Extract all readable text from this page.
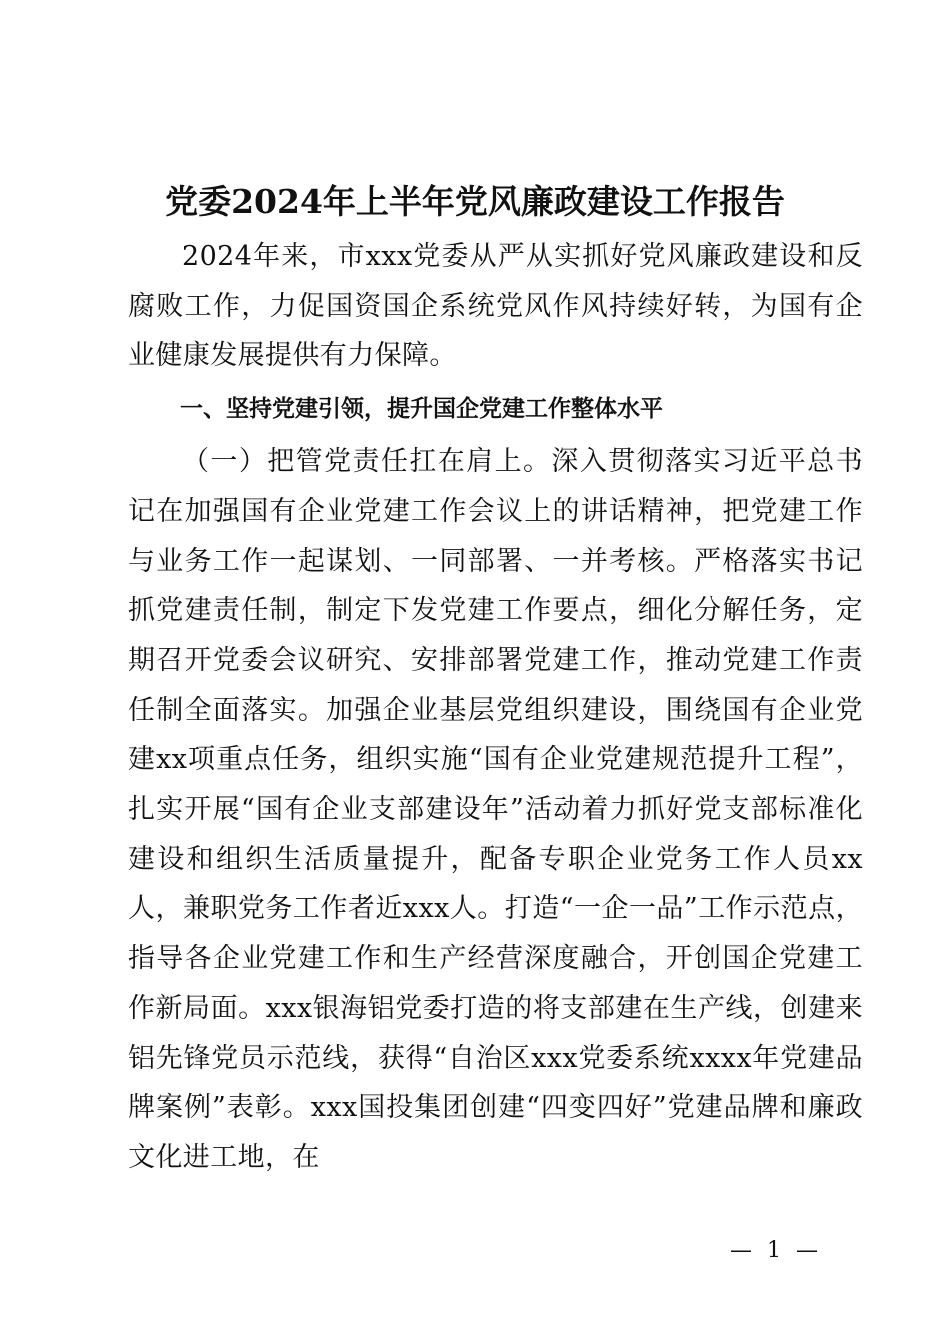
党委2024年上半年党风廉政建设工作报告

2024年来，市xxx党委从严从实抓好党风廉政建设和反腐败工作，力促国资国企系统党风作风持续好转，为国有企业健康发展提供有力保障。

一、坚持党建引领，提升国企党建工作整体水平

（一）把管党责任扛在肩上。深入贯彻落实习近平总书记在加强国有企业党建工作会议上的讲话精神，把党建工作与业务工作一起谋划、一同部署、一并考核。严格落实书记抓党建责任制，制定下发党建工作要点，细化分解任务，定期召开党委会议研究、安排部署党建工作，推动党建工作责任制全面落实。加强企业基层党组织建设，围绕国有企业党建xx项重点任务，组织实施“国有企业党建规范提升工程”，扎实开展“国有企业支部建设年”活动着力抓好党支部标准化建设和组织生活质量提升，配备专职企业党务工作人员xx人，兼职党务工作者近xxx人。打造“一企一品”工作示范点，指导各企业党建工作和生产经营深度融合，开创国企党建工作新局面。xxx银海铝党委打造的将支部建在生产线，创建来铝先锋党员示范线，获得“自治区xxx党委系统xxxx年党建品牌案例”表彰。xxx国投集团创建“四变四好”党建品牌和廉政文化进工地，在

— 1 —
